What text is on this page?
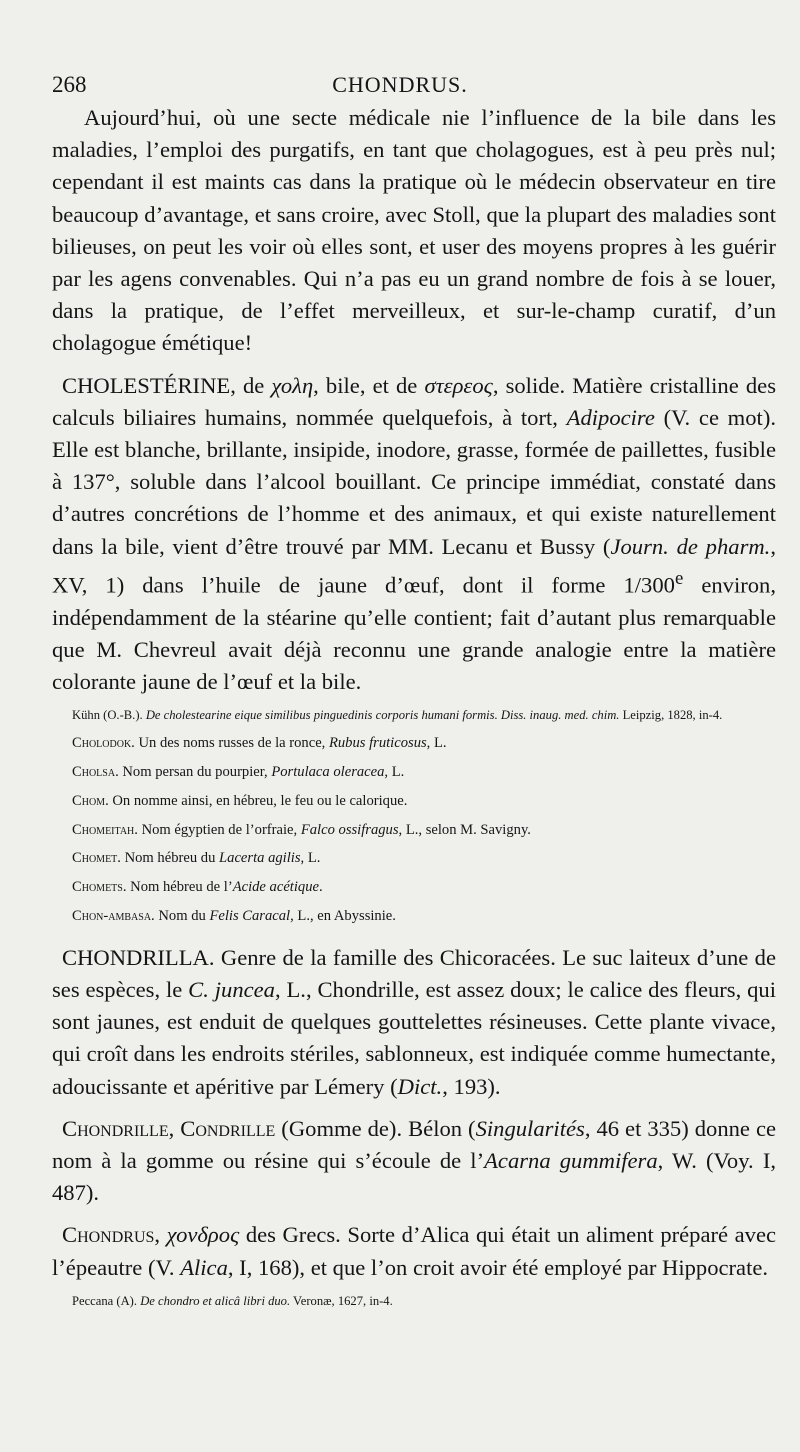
268	CHONDRUS.

Aujourd’hui, où une secte médicale nie l’influence de la bile dans les maladies, l’emploi des purgatifs, en tant que cholagogues, est à peu près nul; cependant il est maints cas dans la pratique où le médecin observateur en tire beaucoup d’avantage, et sans croire, avec Stoll, que la plupart des maladies sont bilieuses, on peut les voir où elles sont, et user des moyens propres à les guérir par les agens convenables. Qui n’a pas eu un grand nombre de fois à se louer, dans la pratique, de l’effet merveilleux, et sur-le-champ curatif, d’un cholagogue émétique!

CHOLESTÉRINE, de χολη, bile, et de στερεος, solide. Matière cristalline des calculs biliaires humains, nommée quelquefois, à tort, Adipocire (V. ce mot). Elle est blanche, brillante, insipide, inodore, grasse, formée de paillettes, fusible à 137°, soluble dans l’alcool bouillant. Ce principe immédiat, constaté dans d’autres concrétions de l’homme et des animaux, et qui existe naturellement dans la bile, vient d’être trouvé par MM. Lecanu et Bussy (Journ. de pharm., XV, 1) dans l’huile de jaune d’œuf, dont il forme 1/300e environ, indépendamment de la stéarine qu’elle contient; fait d’autant plus remarquable que M. Chevreul avait déjà reconnu une grande analogie entre la matière colorante jaune de l’œuf et la bile.

Kühn (O.-B.). De cholestearine eique similibus pinguedinis corporis humani formis. Diss. inaug. med. chim. Leipzig, 1828, in-4.

Cholodok. Un des noms russes de la ronce, Rubus fruticosus, L.

Cholsa. Nom persan du pourpier, Portulaca oleracea, L.

Chom. On nomme ainsi, en hébreu, le feu ou le calorique.

Chomeitah. Nom égyptien de l’orfraie, Falco ossifragus, L., selon M. Savigny.

Chomet. Nom hébreu du Lacerta agilis, L.

Chomets. Nom hébreu de l’Acide acétique.

Chon-ambasa. Nom du Felis Caracal, L., en Abyssinie.

CHONDRILLA. Genre de la famille des Chicoracées. Le suc laiteux d’une de ses espèces, le C. juncea, L., Chondrille, est assez doux; le calice des fleurs, qui sont jaunes, est enduit de quelques gouttelettes résineuses. Cette plante vivace, qui croît dans les endroits stériles, sablonneux, est indiquée comme humectante, adoucissante et apéritive par Lémery (Dict., 193).

Chondrille, Condrille (Gomme de). Bélon (Singularités, 46 et 335) donne ce nom à la gomme ou résine qui s’écoule de l’Acarna gummifera, W. (Voy. I, 487).

Chondrus, χονδρος des Grecs. Sorte d’Alica qui était un aliment préparé avec l’épeautre (V. Alica, I, 168), et que l’on croit avoir été employé par Hippocrate.

Peccana (A). De chondro et alicâ libri duo. Veronæ, 1627, in-4.
